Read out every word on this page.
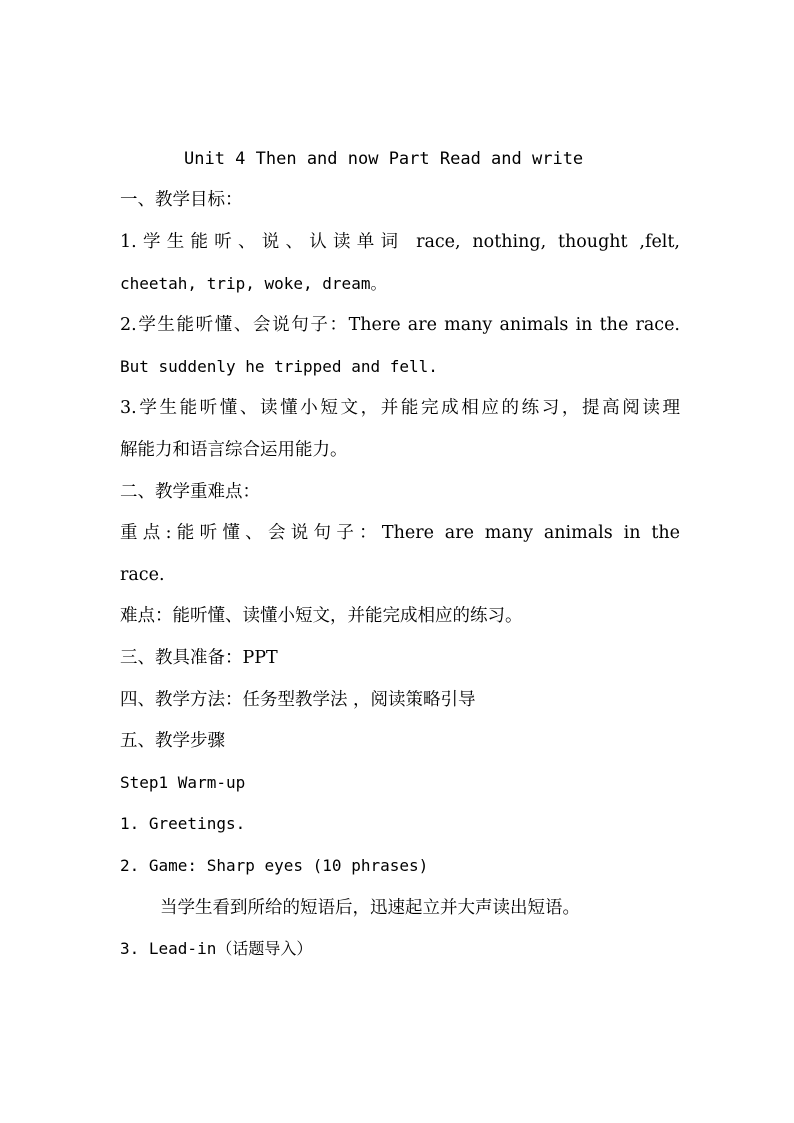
Unit 4 Then and now Part Read and write
一、教学目标：
1.学生能听、说、认读单词 race, nothing, thought ,felt,
cheetah, trip, woke, dream。
2.学生能听懂、会说句子：There are many animals in the race.
But suddenly he tripped and fell.
3.学生能听懂、读懂小短文，并能完成相应的练习，提高阅读理
解能力和语言综合运用能力。
二、教学重难点：
重点:能听懂、会说句子：There are many animals in the
race.
难点：能听懂、读懂小短文，并能完成相应的练习。
三、教具准备：PPT
四、教学方法：任务型教学法 ，阅读策略引导
五、教学步骤
Step1 Warm-up
1. Greetings.
2. Game: Sharp eyes (10 phrases)
当学生看到所给的短语后，迅速起立并大声读出短语。
3. Lead-in（话题导入）
